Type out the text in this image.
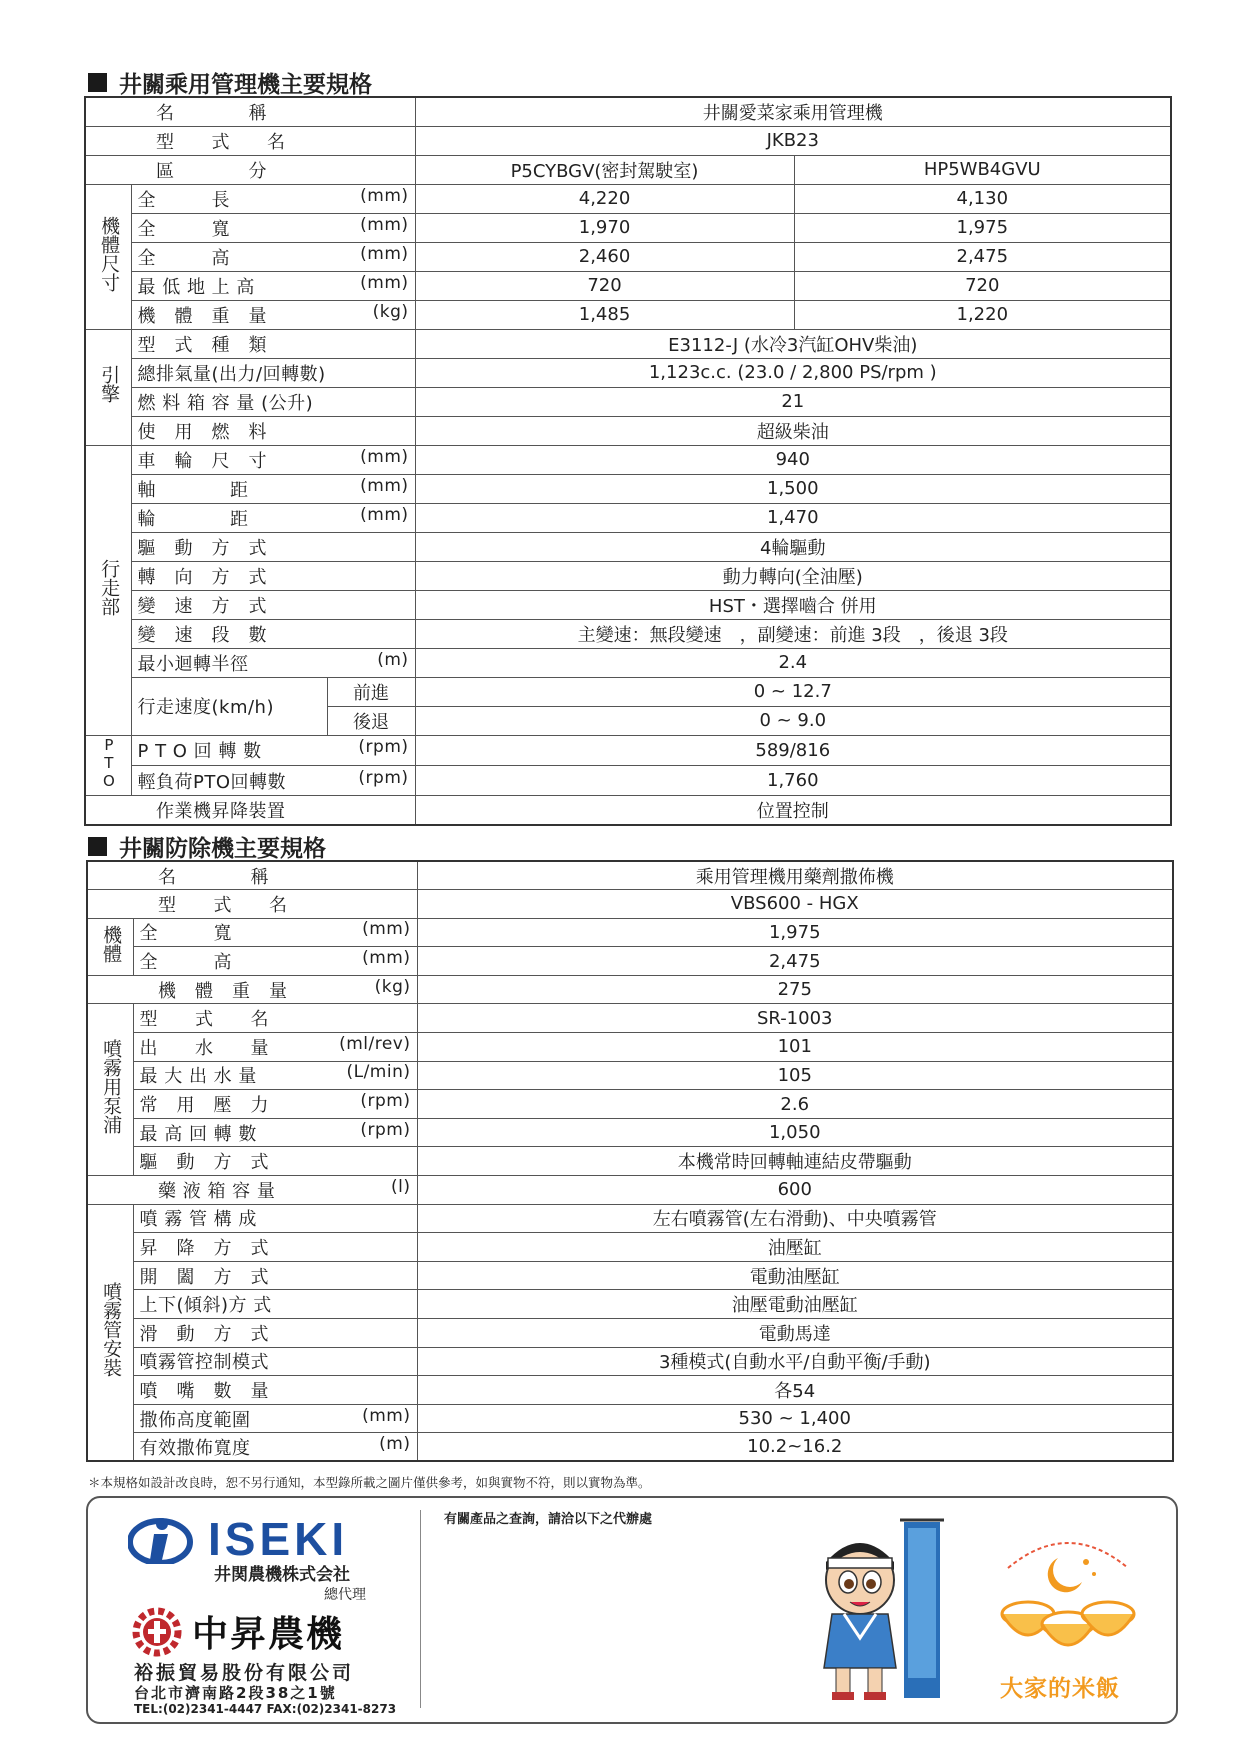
井關乘用管理機主要規格
名　　　　稱			井關愛菜家乘用管理機	
型　　式　　名			JKB23	
區　　　　分			P5CYBGV(密封駕駛室)	HP5WB4GVU
機體尺寸	全　　　長 (mm)		4,220	4,130
	全　　　寬 (mm)		1,970	1,975
	全　　　高 (mm)		2,460	2,475
	最 低 地 上 高 (mm)		720	720
	機　體　重　量 (kg)		1,485	1,220
引擎	型　式　種　類		E3112-J (水冷3汽缸OHV柴油)	
	總排氣量(出力/回轉數)		1,123c.c. (23.0 / 2,800 PS/rpm )	
	燃 料 箱 容 量 (公升)		21	
	使　用　燃　料		超級柴油	
行走部	車　輪　尺　寸 (mm)		940	
	軸　　　　距 (mm)		1,500	
	輪　　　　距 (mm)		1,470	
	驅　動　方　式		4輪驅動	
	轉　向　方　式		動力轉向(全油壓)	
	變　速　方　式		HST・選擇嚙合 併用	
	變　速　段　數		主變速：無段變速　，副變速：前進 3段　，後退 3段	
	最小迴轉半徑 (m)		2.4	
	行走速度(km/h)	前進	0 ~ 12.7	
		後退	0 ~ 9.0	
PTO	P T O 回 轉 數 (rpm)		589/816	
	輕負荷PTO回轉數 (rpm)		1,760	
作業機昇降裝置			位置控制	
井關防除機主要規格
名　　　　稱		乘用管理機用藥劑撒佈機
型　　式　　名		VBS600 - HGX
機體	全　　　寬 (mm)	1,975
	全　　　高 (mm)	2,475
機　體　重　量 (kg)		275
噴霧用泵浦	型　　式　　名	SR-1003
	出　　水　　量 (ml/rev)	101
	最 大 出 水 量 (L/min)	105
	常　用　壓　力 (rpm)	2.6
	最 高 回 轉 數 (rpm)	1,050
	驅　動　方　式	本機常時回轉軸連結皮帶驅動
藥 液 箱 容 量 (l)		600
噴霧管安裝	噴 霧 管 構 成	左右噴霧管(左右滑動)、中央噴霧管
	昇　降　方　式	油壓缸
	開　闔　方　式	電動油壓缸
	上下(傾斜)方 式	油壓電動油壓缸
	滑　動　方　式	電動馬達
	噴霧管控制模式	3種模式(自動水平/自動平衡/手動)
	噴　嘴　數　量	各54
	撒佈高度範圍 (mm)	530 ~ 1,400
	有效撒佈寬度 (m)	10.2~16.2
＊本規格如設計改良時，恕不另行通知，本型錄所載之圖片僅供參考，如與實物不符，則以實物為準。
ISEKI
井関農機株式会社
總代理
中昇農機
裕振貿易股份有限公司
台北市濟南路2段38之1號
TEL:(02)2341-4447 FAX:(02)2341-8273
有關產品之查詢，請洽以下之代辦處
大家的米飯
